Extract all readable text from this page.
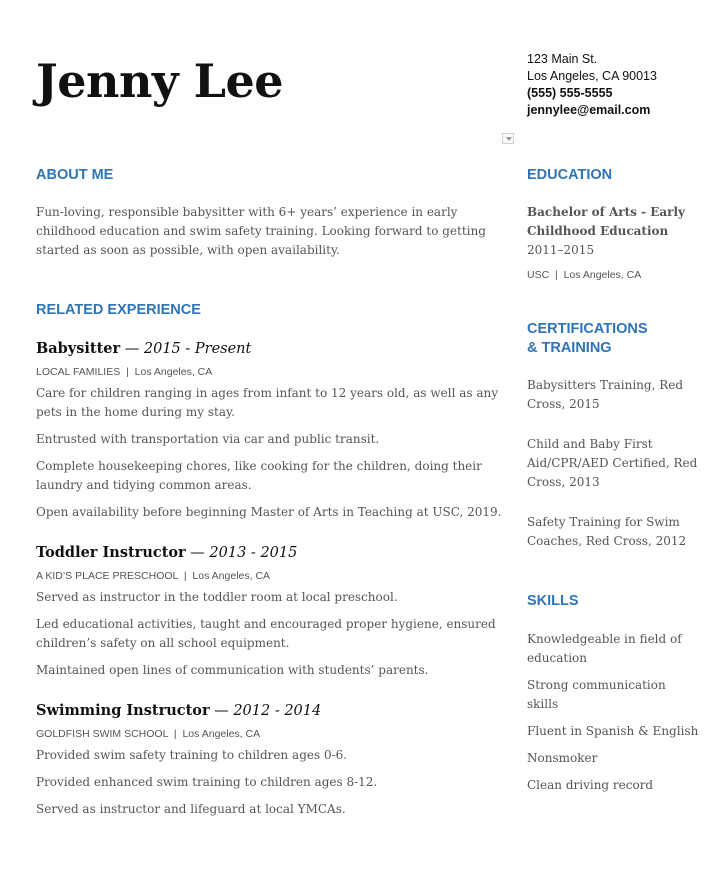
Jenny Lee	123 Main St.
Los Angeles, CA 90013
(555) 555-5555
jennylee@email.com
ABOUT ME
Fun-loving, responsible babysitter with 6+ years’ experience in early
childhood education and swim safety training. Looking forward to getting
started as soon as possible, with open availability.
RELATED EXPERIENCE
Babysitter — 2015 - Present
LOCAL FAMILIES  |  Los Angeles, CA
Care for children ranging in ages from infant to 12 years old, as well as any
pets in the home during my stay.
Entrusted with transportation via car and public transit.
Complete housekeeping chores, like cooking for the children, doing their
laundry and tidying common areas.
Open availability before beginning Master of Arts in Teaching at USC, 2019.
Toddler Instructor — 2013 - 2015
A KID’S PLACE PRESCHOOL  |  Los Angeles, CA
Served as instructor in the toddler room at local preschool.
Led educational activities, taught and encouraged proper hygiene, ensured
children’s safety on all school equipment.
Maintained open lines of communication with students’ parents.
Swimming Instructor — 2012 - 2014
GOLDFISH SWIM SCHOOL  |  Los Angeles, CA
Provided swim safety training to children ages 0-6.
Provided enhanced swim training to children ages 8-12.
Served as instructor and lifeguard at local YMCAs.
EDUCATION
Bachelor of Arts - Early
Childhood Education
2011–2015
USC  |  Los Angeles, CA
CERTIFICATIONS
& TRAINING
Babysitters Training, Red
Cross, 2015
Child and Baby First
Aid/CPR/AED Certified, Red
Cross, 2013
Safety Training for Swim
Coaches, Red Cross, 2012
SKILLS
Knowledgeable in field of
education
Strong communication
skills
Fluent in Spanish & English
Nonsmoker
Clean driving record
